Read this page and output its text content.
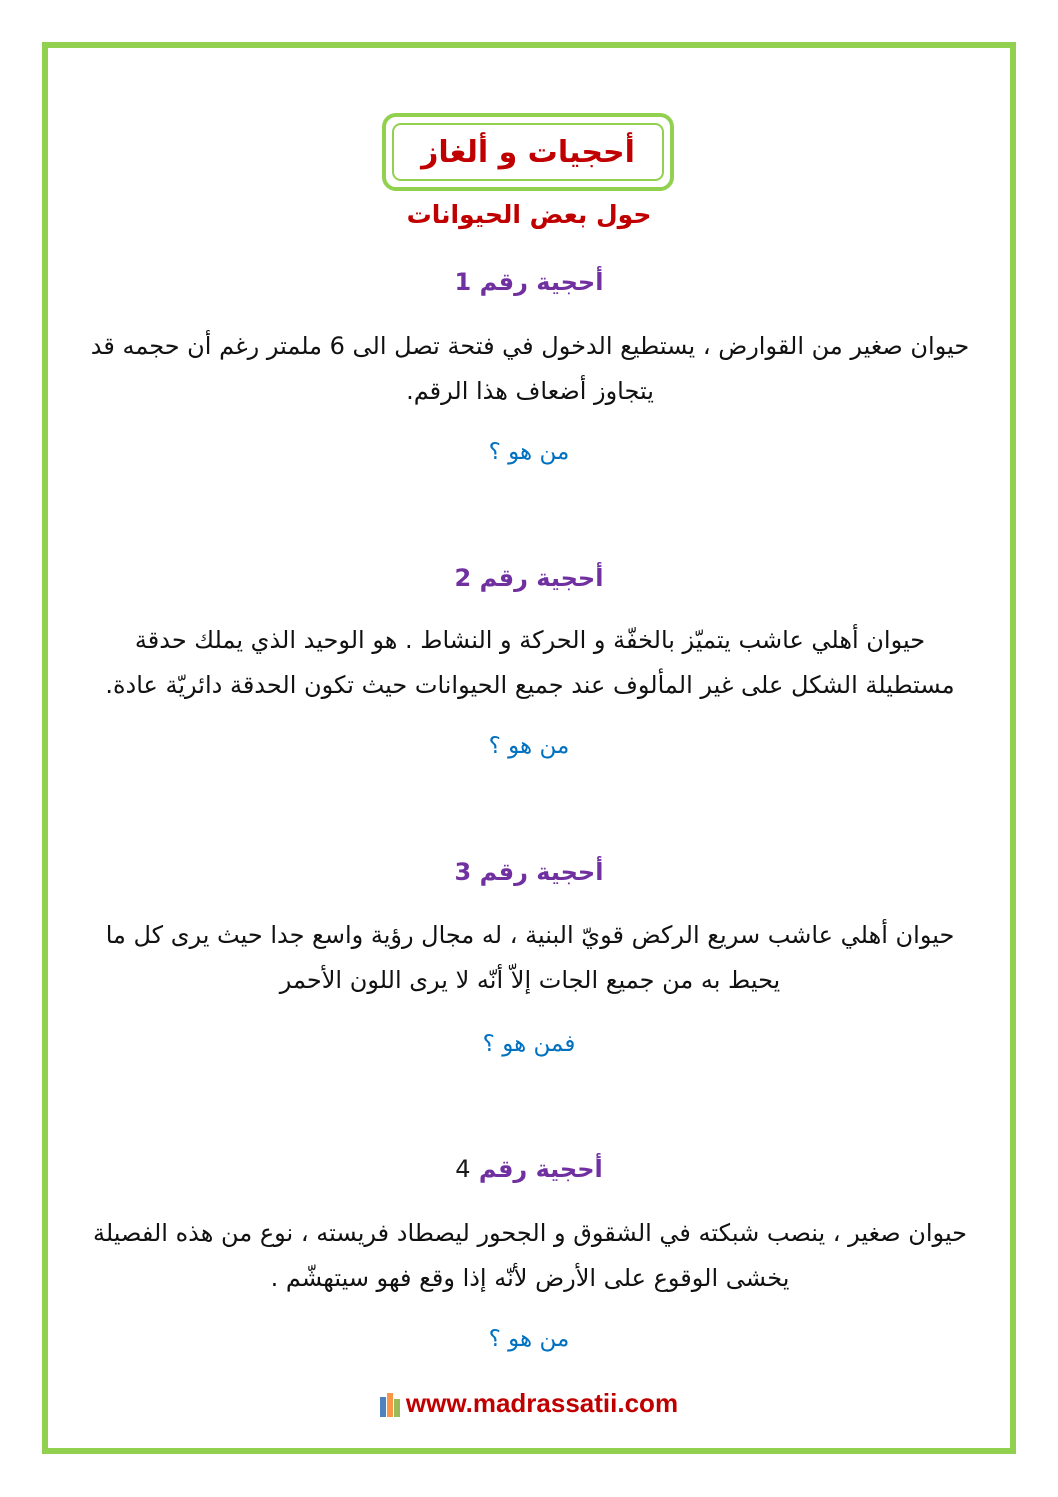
أحجيات و ألغاز
حول بعض الحيوانات
أحجية رقم 1
حيوان صغير من القوارض ، يستطيع الدخول في فتحة تصل الى 6 ملمتر رغم أن حجمه قد
يتجاوز أضعاف هذا الرقم.
من هو ؟
أحجية رقم 2
حيوان أهلي عاشب يتميّز بالخفّة و الحركة و النشاط . هو الوحيد الذي يملك حدقة
مستطيلة الشكل على غير المألوف عند جميع الحيوانات حيث تكون الحدقة دائريّة عادة.
من هو ؟
أحجية رقم 3
حيوان أهلي عاشب سريع الركض قويّ البنية ، له مجال رؤية واسع جدا حيث يرى كل ما
يحيط به من جميع الجات إلاّ أنّه لا يرى اللون الأحمر
فمن هو ؟
أحجية رقم 4
حيوان صغير ، ينصب شبكته في الشقوق و الجحور ليصطاد فريسته ، نوع من هذه الفصيلة
يخشى الوقوع على الأرض لأنّه إذا وقع فهو سيتهشّم .
من هو ؟
www.madrassatii.com
